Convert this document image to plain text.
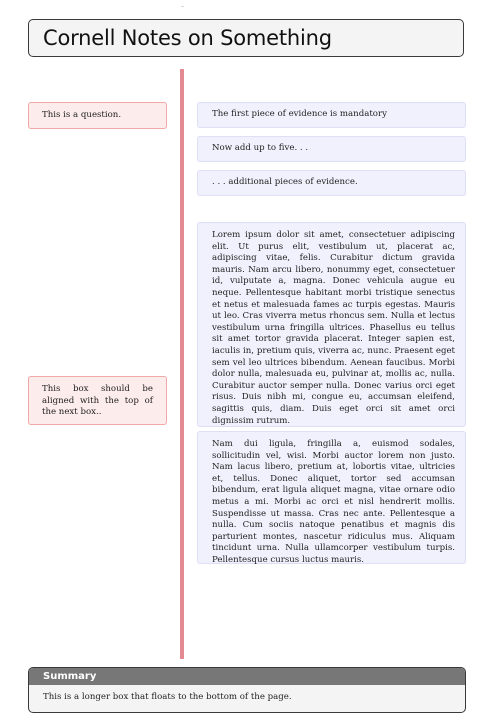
Cornell Notes on Something
This is a question.
This box should be aligned with the top of the next box..
The first piece of evidence is mandatory
Now add up to five. . .
. . . additional pieces of evidence.
Lorem ipsum dolor sit amet, consectetuer adipiscing elit. Ut purus elit, vestibulum ut, placerat ac, adipiscing vitae, felis. Curabitur dictum gravida mauris. Nam arcu libero, nonummy eget, consectetuer id, vulputate a, magna. Donec vehicula augue eu neque. Pellentesque habitant morbi tristique senectus et netus et malesuada fames ac turpis egestas. Mauris ut leo. Cras viverra metus rhoncus sem. Nulla et lectus vestibulum urna fringilla ultrices. Phasellus eu tellus sit amet tortor gravida placerat. Integer sapien est, iaculis in, pretium quis, viverra ac, nunc. Praesent eget sem vel leo ultrices bibendum. Aenean faucibus. Morbi dolor nulla, malesuada eu, pulvinar at, mollis ac, nulla. Curabitur auctor semper nulla. Donec varius orci eget risus. Duis nibh mi, congue eu, accumsan eleifend, sagittis quis, diam. Duis eget orci sit amet orci dignissim rutrum.
Nam dui ligula, fringilla a, euismod sodales, sollicitudin vel, wisi. Morbi auctor lorem non justo. Nam lacus libero, pretium at, lobortis vitae, ultricies et, tellus. Donec aliquet, tortor sed accumsan bibendum, erat ligula aliquet magna, vitae ornare odio metus a mi. Morbi ac orci et nisl hendrerit mollis. Suspendisse ut massa. Cras nec ante. Pellentesque a nulla. Cum sociis natoque penatibus et magnis dis parturient montes, nascetur ridiculus mus. Aliquam tincidunt urna. Nulla ullamcorper vestibulum turpis. Pellentesque cursus luctus mauris.
Summary
This is a longer box that floats to the bottom of the page.
